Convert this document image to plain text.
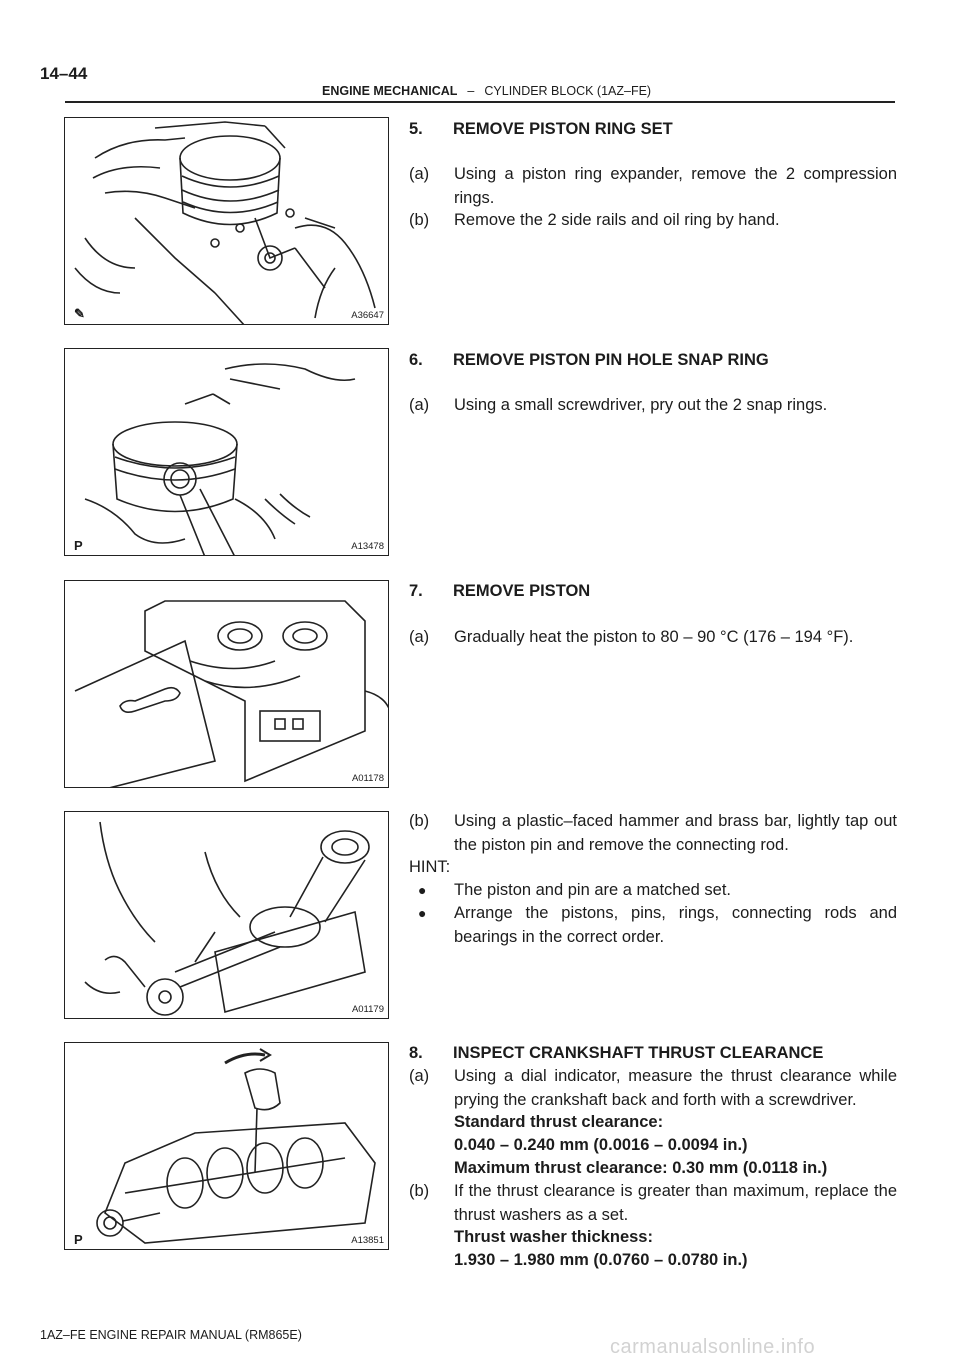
14–44
ENGINE MECHANICAL – CYLINDER BLOCK (1AZ–FE)
✎	A36647
P	A13478
A01178
A01179
P	A13851
5. REMOVE PISTON RING SET
(a) Using a piston ring expander, remove the 2 compression rings.
(b) Remove the 2 side rails and oil ring by hand.
6. REMOVE PISTON PIN HOLE SNAP RING
(a) Using a small screwdriver, pry out the 2 snap rings.
7. REMOVE PISTON
(a) Gradually heat the piston to 80 – 90 °C (176 – 194 °F).
(b) Using a plastic–faced hammer and brass bar, lightly tap out the piston pin and remove the connecting rod.
HINT:
● The piston and pin are a matched set.
● Arrange the pistons, pins, rings, connecting rods and bearings in the correct order.
8. INSPECT CRANKSHAFT THRUST CLEARANCE
(a) Using a dial indicator, measure the thrust clearance while prying the crankshaft back and forth with a screwdriver.
Standard thrust clearance:
0.040 – 0.240 mm (0.0016 – 0.0094 in.)
Maximum thrust clearance: 0.30 mm (0.0118 in.)
(b) If the thrust clearance is greater than maximum, replace the thrust washers as a set.
Thrust washer thickness:
1.930 – 1.980 mm (0.0760 – 0.0780 in.)
1AZ–FE ENGINE REPAIR MANUAL (RM865E)
carmanualsonline.info
